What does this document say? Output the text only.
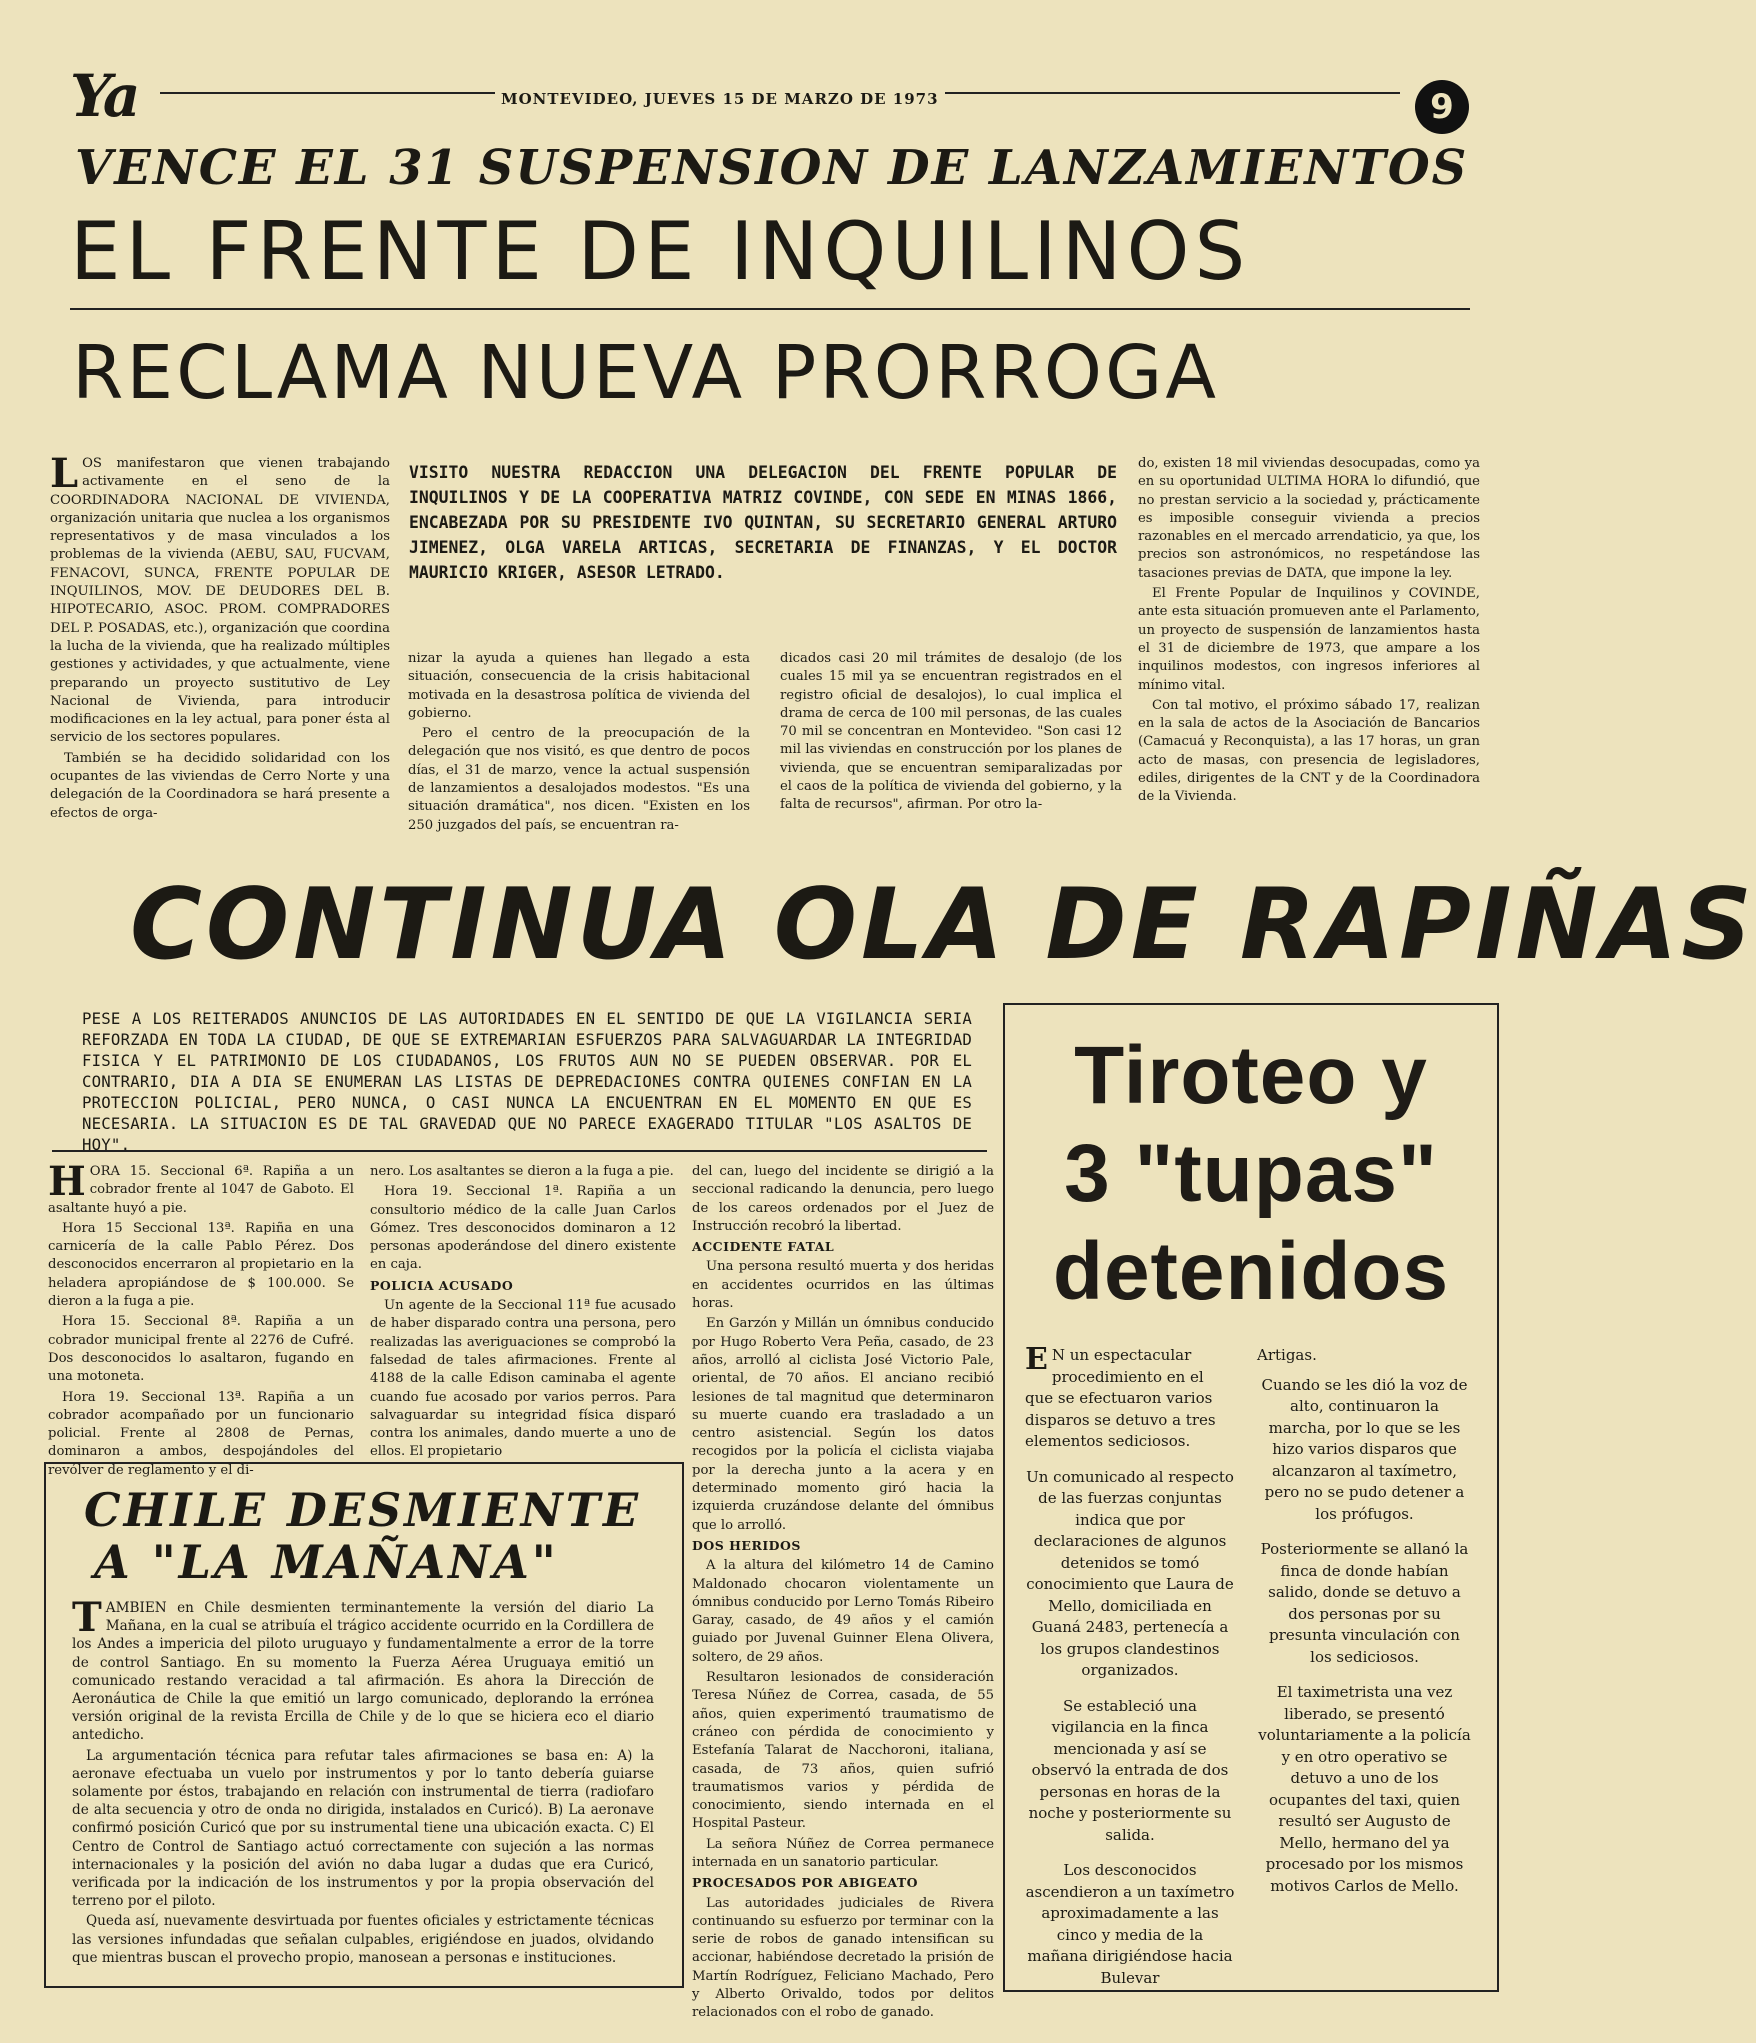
Ya	MONTEVIDEO, JUEVES 15 DE MARZO DE 1973	9
VENCE EL 31 SUSPENSION DE LANZAMIENTOS
EL FRENTE DE INQUILINOS
RECLAMA NUEVA PRORROGA

LOS manifestaron que vienen trabajando activamente en el seno de la COORDINADORA NACIONAL DE VIVIENDA, organización unitaria que nuclea a los organismos representativos y de masa vinculados a los problemas de la vivienda (AEBU, SAU, FUCVAM, FENACOVI, SUNCA, FRENTE POPULAR DE INQUILINOS, MOV. DE DEUDORES DEL B. HIPOTECARIO, ASOC. PROM. COMPRADORES DEL P. POSADAS, etc.), organización que coordina la lucha de la vivienda, que ha realizado múltiples gestiones y actividades, y que actualmente, viene preparando un proyecto sustitutivo de Ley Nacional de Vivienda, para introducir modificaciones en la ley actual, para poner ésta al servicio de los sectores populares.

También se ha decidido solidaridad con los ocupantes de las viviendas de Cerro Norte y una delegación de la Coordinadora se hará presente a efectos de orga-

VISITO NUESTRA REDACCION UNA DELEGACION DEL FRENTE POPULAR DE INQUILINOS Y DE LA COOPERATIVA MATRIZ COVINDE, CON SEDE EN MINAS 1866, ENCABEZADA POR SU PRESIDENTE IVO QUINTAN, SU SECRETARIO GENERAL ARTURO JIMENEZ, OLGA VARELA ARTICAS, SECRETARIA DE FINANZAS, Y EL DOCTOR MAURICIO KRIGER, ASESOR LETRADO.

nizar la ayuda a quienes han llegado a esta situación, consecuencia de la crisis habitacional motivada en la desastrosa política de vivienda del gobierno.

Pero el centro de la preocupación de la delegación que nos visitó, es que dentro de pocos días, el 31 de marzo, vence la actual suspensión de lanzamientos a desalojados modestos. "Es una situación dramática", nos dicen. "Existen en los 250 juzgados del país, se encuentran ra-

dicados casi 20 mil trámites de desalojo (de los cuales 15 mil ya se encuentran registrados en el registro oficial de desalojos), lo cual implica el drama de cerca de 100 mil personas, de las cuales 70 mil se concentran en Montevideo. "Son casi 12 mil las viviendas en construcción por los planes de vivienda, que se encuentran semiparalizadas por el caos de la política de vivienda del gobierno, y la falta de recursos", afirman. Por otro la-

do, existen 18 mil viviendas desocupadas, como ya en su oportunidad ULTIMA HORA lo difundió, que no prestan servicio a la sociedad y, prácticamente es imposible conseguir vivienda a precios razonables en el mercado arrendaticio, ya que, los precios son astronómicos, no respetándose las tasaciones previas de DATA, que impone la ley.

El Frente Popular de Inquilinos y COVINDE, ante esta situación promueven ante el Parlamento, un proyecto de suspensión de lanzamientos hasta el 31 de diciembre de 1973, que ampare a los inquilinos modestos, con ingresos inferiores al mínimo vital.

Con tal motivo, el próximo sábado 17, realizan en la sala de actos de la Asociación de Bancarios (Camacuá y Reconquista), a las 17 horas, un gran acto de masas, con presencia de legisladores, ediles, dirigentes de la CNT y de la Coordinadora de la Vivienda.

CONTINUA OLA DE RAPIÑAS
PESE A LOS REITERADOS ANUNCIOS DE LAS AUTORIDADES EN EL SENTIDO DE QUE LA VIGILANCIA SERIA REFORZADA EN TODA LA CIUDAD, DE QUE SE EXTREMARIAN ESFUERZOS PARA SALVAGUARDAR LA INTEGRIDAD FISICA Y EL PATRIMONIO DE LOS CIUDADANOS, LOS FRUTOS AUN NO SE PUEDEN OBSERVAR. POR EL CONTRARIO, DIA A DIA SE ENUMERAN LAS LISTAS DE DEPREDACIONES CONTRA QUIENES CONFIAN EN LA PROTECCION POLICIAL, PERO NUNCA, O CASI NUNCA LA ENCUENTRAN EN EL MOMENTO EN QUE ES NECESARIA. LA SITUACION ES DE TAL GRAVEDAD QUE NO PARECE EXAGERADO TITULAR "LOS ASALTOS DE HOY".

HORA 15. Seccional 6ª. Rapiña a un cobrador frente al 1047 de Gaboto. El asaltante huyó a pie.

Hora 15 Seccional 13ª. Rapiña en una carnicería de la calle Pablo Pérez. Dos desconocidos encerraron al propietario en la heladera apropiándose de $ 100.000. Se dieron a la fuga a pie.

Hora 15. Seccional 8ª. Rapiña a un cobrador municipal frente al 2276 de Cufré. Dos desconocidos lo asaltaron, fugando en una motoneta.

Hora 19. Seccional 13ª. Rapiña a un cobrador acompañado por un funcionario policial. Frente al 2808 de Pernas, dominaron a ambos, despojándoles del revólver de reglamento y el di-

nero. Los asaltantes se dieron a la fuga a pie.

Hora 19. Seccional 1ª. Rapiña a un consultorio médico de la calle Juan Carlos Gómez. Tres desconocidos dominaron a 12 personas apoderándose del dinero existente en caja.

POLICIA ACUSADO

Un agente de la Seccional 11ª fue acusado de haber disparado contra una persona, pero realizadas las averiguaciones se comprobó la falsedad de tales afirmaciones. Frente al 4188 de la calle Edison caminaba el agente cuando fue acosado por varios perros. Para salvaguardar su integridad física disparó contra los animales, dando muerte a uno de ellos. El propietario

del can, luego del incidente se dirigió a la seccional radicando la denuncia, pero luego de los careos ordenados por el Juez de Instrucción recobró la libertad.

ACCIDENTE FATAL

Una persona resultó muerta y dos heridas en accidentes ocurridos en las últimas horas.

En Garzón y Millán un ómnibus conducido por Hugo Roberto Vera Peña, casado, de 23 años, arrolló al ciclista José Victorio Pale, oriental, de 70 años. El anciano recibió lesiones de tal magnitud que determinaron su muerte cuando era trasladado a un centro asistencial. Según los datos recogidos por la policía el ciclista viajaba por la derecha junto a la acera y en determinado momento giró hacia la izquierda cruzándose delante del ómnibus que lo arrolló.

DOS HERIDOS

A la altura del kilómetro 14 de Camino Maldonado chocaron violentamente un ómnibus conducido por Lerno Tomás Ribeiro Garay, casado, de 49 años y el camión guiado por Juvenal Guinner Elena Olivera, soltero, de 29 años.

Resultaron lesionados de consideración Teresa Núñez de Correa, casada, de 55 años, quien experimentó traumatismo de cráneo con pérdida de conocimiento y Estefanía Talarat de Nacchoroni, italiana, casada, de 73 años, quien sufrió traumatismos varios y pérdida de conocimiento, siendo internada en el Hospital Pasteur.

La señora Núñez de Correa permanece internada en un sanatorio particular.

PROCESADOS POR ABIGEATO

Las autoridades judiciales de Rivera continuando su esfuerzo por terminar con la serie de robos de ganado intensifican su accionar, habiéndose decretado la prisión de Martín Rodríguez, Feliciano Machado, Pero y Alberto Orivaldo, todos por delitos relacionados con el robo de ganado.

CHILE DESMIENTE
A "LA MAÑANA"

TAMBIEN en Chile desmienten terminantemente la versión del diario La Mañana, en la cual se atribuía el trágico accidente ocurrido en la Cordillera de los Andes a impericia del piloto uruguayo y fundamentalmente a error de la torre de control Santiago. En su momento la Fuerza Aérea Uruguaya emitió un comunicado restando veracidad a tal afirmación. Es ahora la Dirección de Aeronáutica de Chile la que emitió un largo comunicado, deplorando la errónea versión original de la revista Ercilla de Chile y de lo que se hiciera eco el diario antedicho.

La argumentación técnica para refutar tales afirmaciones se basa en: A) la aeronave efectuaba un vuelo por instrumentos y por lo tanto debería guiarse solamente por éstos, trabajando en relación con instrumental de tierra (radiofaro de alta secuencia y otro de onda no dirigida, instalados en Curicó). B) La aeronave confirmó posición Curicó que por su instrumental tiene una ubicación exacta. C) El Centro de Control de Santiago actuó correctamente con sujeción a las normas internacionales y la posición del avión no daba lugar a dudas que era Curicó, verificada por la indicación de los instrumentos y por la propia observación del terreno por el piloto.

Queda así, nuevamente desvirtuada por fuentes oficiales y estrictamente técnicas las versiones infundadas que señalan culpables, erigiéndose en juados, olvidando que mientras buscan el provecho propio, manosean a personas e instituciones.

Tiroteo y
3 "tupas"
detenidos

E N un espectacular procedimiento en el que se efectuaron varios disparos se detuvo a tres elementos sediciosos.

Un comunicado al respecto de las fuerzas conjuntas indica que por declaraciones de algunos detenidos se tomó conocimiento que Laura de Mello, domiciliada en Guaná 2483, pertenecía a los grupos clandestinos organizados.

Se estableció una vigilancia en la finca mencionada y así se observó la entrada de dos personas en horas de la noche y posteriormente su salida.

Los desconocidos ascendieron a un taxímetro aproximadamente a las cinco y media de la mañana dirigiéndose hacia Bulevar

Artigas.

Cuando se les dió la voz de alto, continuaron la marcha, por lo que se les hizo varios disparos que alcanzaron al taxímetro, pero no se pudo detener a los prófugos.

Posteriormente se allanó la finca de donde habían salido, donde se detuvo a dos personas por su presunta vinculación con los sediciosos.

El taximetrista una vez liberado, se presentó voluntariamente a la policía y en otro operativo se detuvo a uno de los ocupantes del taxi, quien resultó ser Augusto de Mello, hermano del ya procesado por los mismos motivos Carlos de Mello.
